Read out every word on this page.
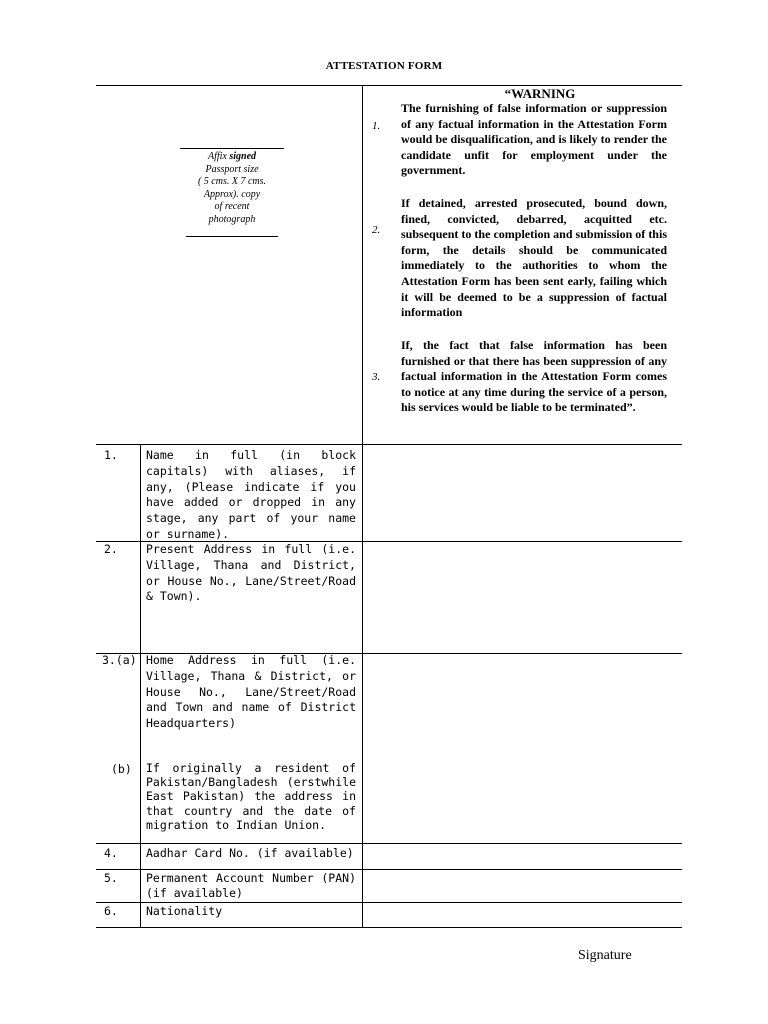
ATTESTATION FORM
Affix signed
Passport size
( 5 cms. X 7 cms.
Approx). copy
of recent
photograph
“WARNING
1.
The furnishing of false information or suppression of any factual information in the Attestation Form would be disqualification, and is likely to render the candidate unfit for employment under the government.
2.
If detained, arrested prosecuted, bound down, fined, convicted, debarred, acquitted etc. subsequent to the completion and submission of this form, the details should be communicated immediately to the authorities to whom the Attestation Form has been sent early, failing which it will be deemed to be a suppression of factual information
3.
If, the fact that false information has been furnished or that there has been suppression of any factual information in the Attestation Form comes to notice at any time during the service of a person, his services would be liable to be terminated”.
1. Name in full (in block capitals) with aliases, if any, (Please indicate if you have added or dropped in any stage, any part of your name or surname).
2. Present Address in full (i.e. Village, Thana and District, or House No., Lane/Street/Road & Town).
3.(a) Home Address in full (i.e. Village, Thana & District, or House No., Lane/Street/Road and Town and name of District Headquarters)
(b) If originally a resident of Pakistan/Bangladesh (erstwhile East Pakistan) the address in that country and the date of migration to Indian Union.
4. Aadhar Card No. (if available)
5. Permanent Account Number (PAN) (if available)
6. Nationality
Signature
